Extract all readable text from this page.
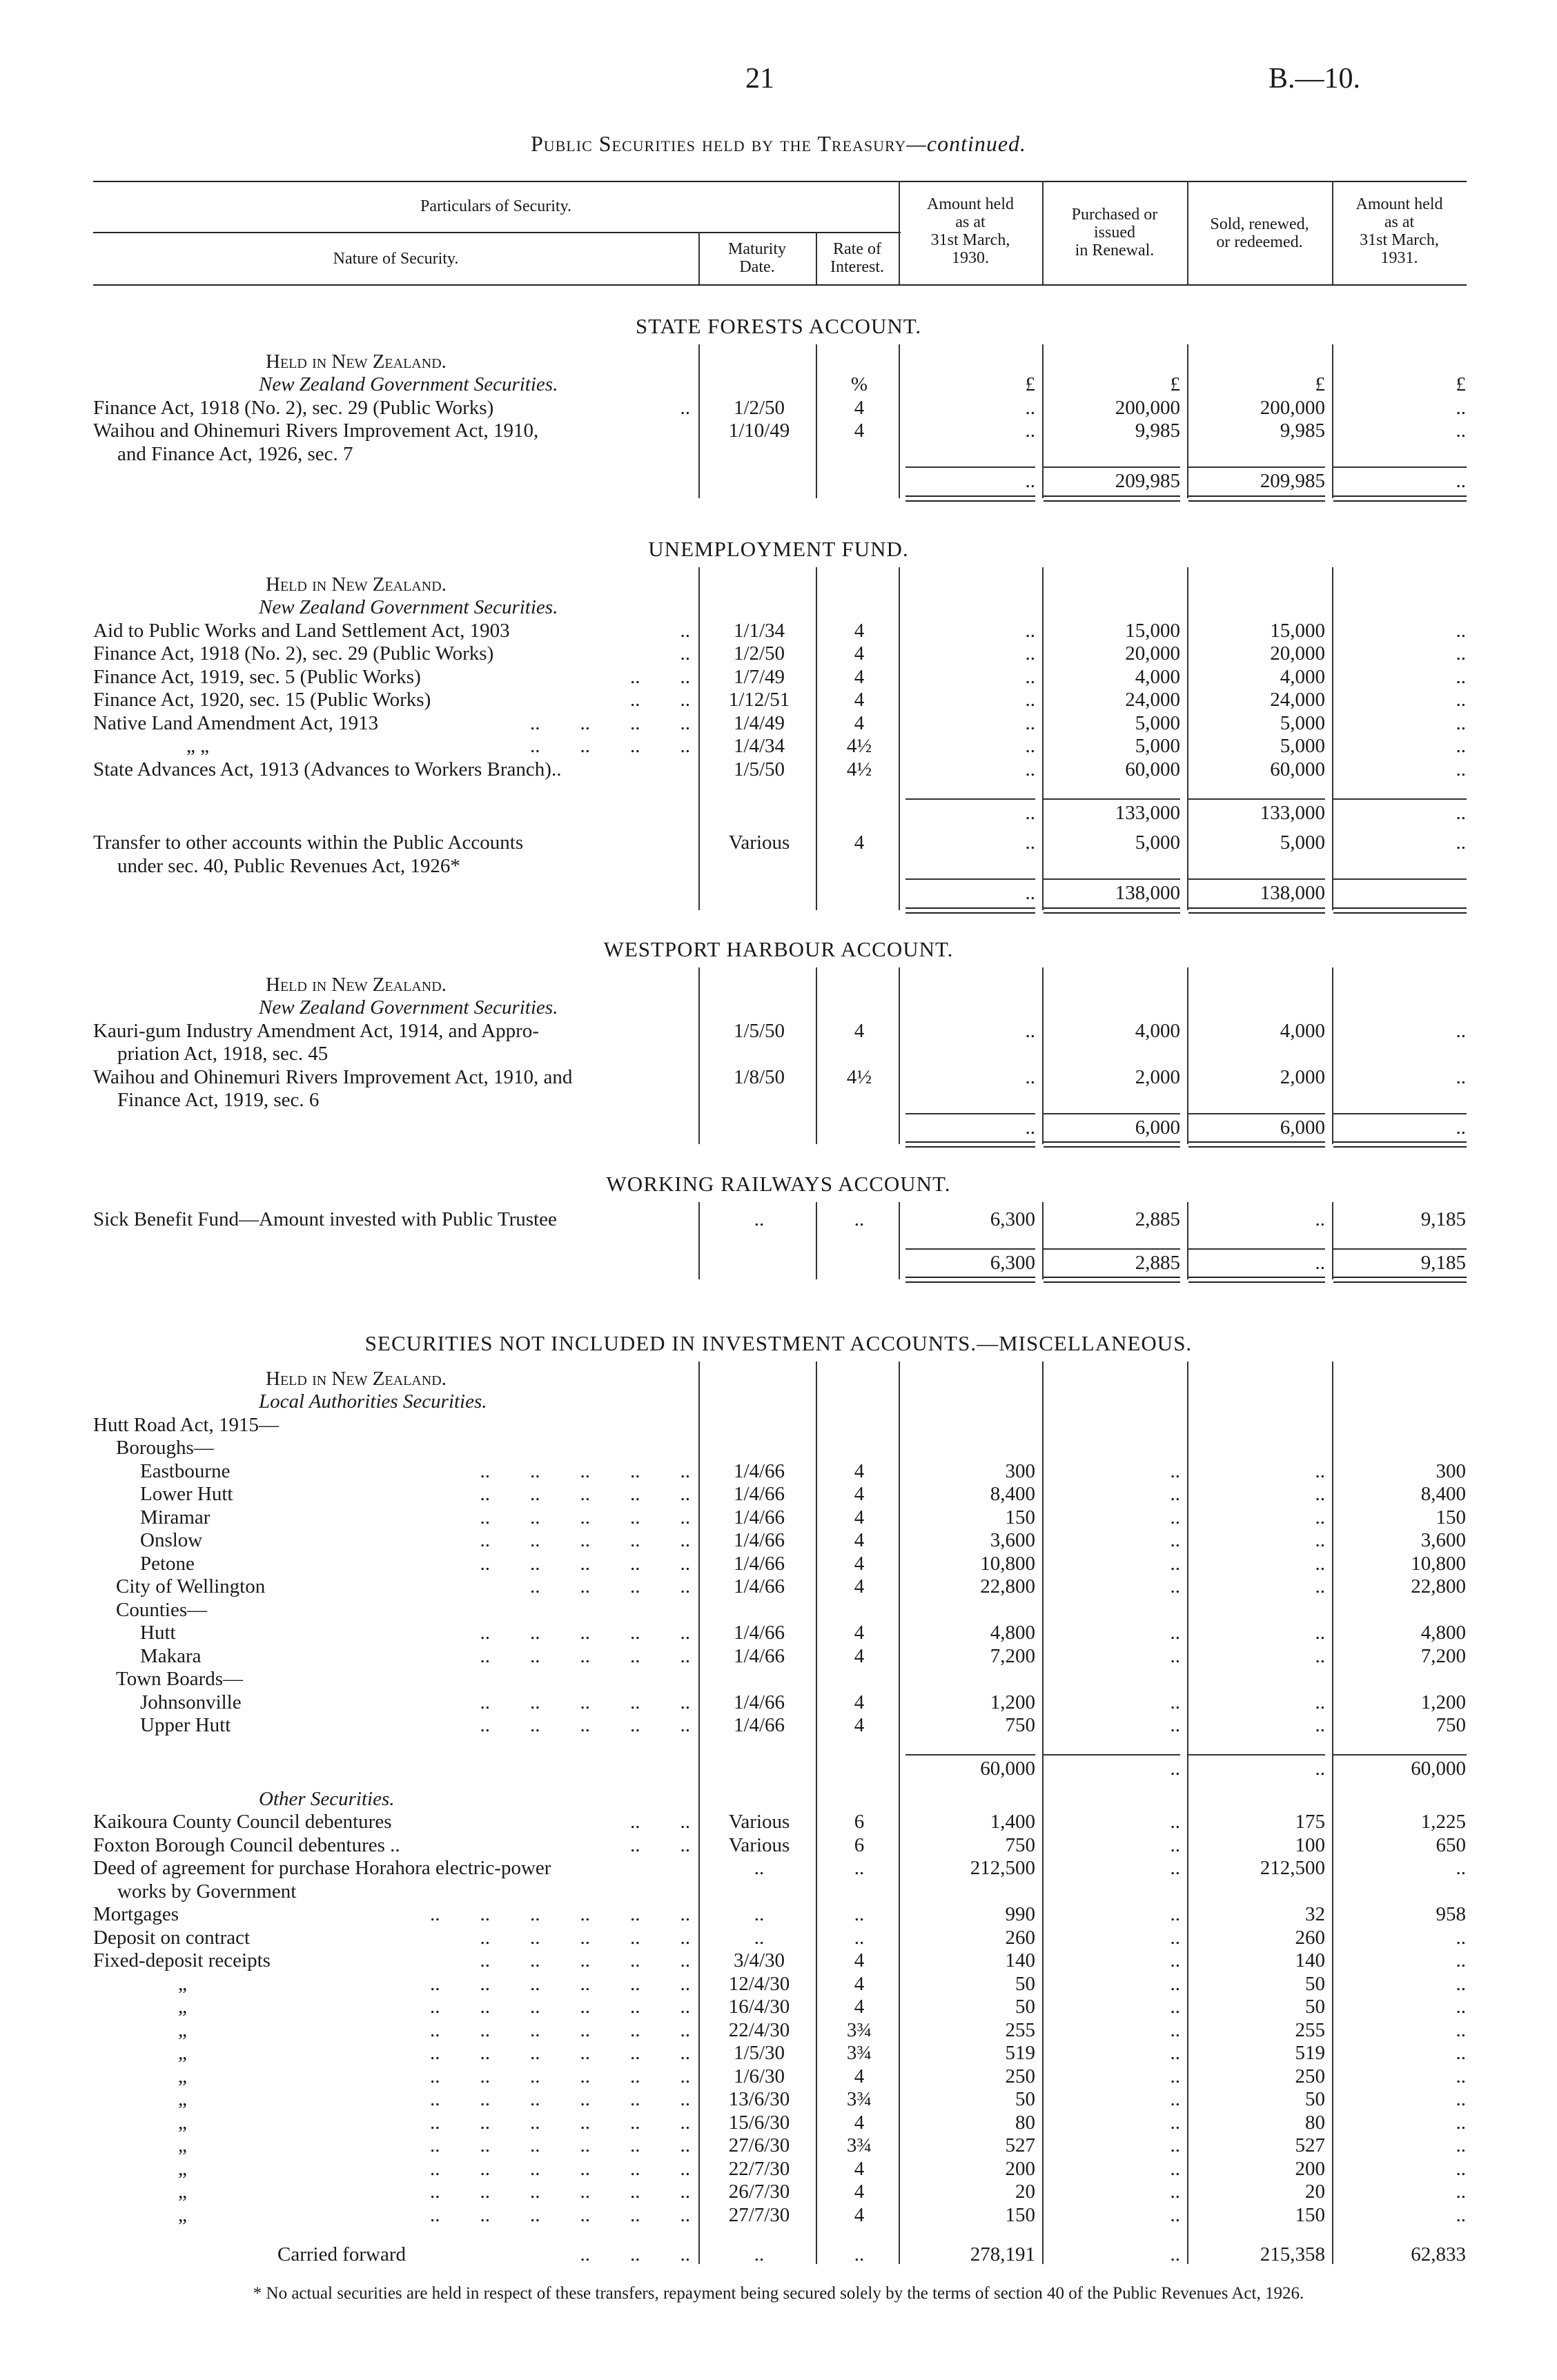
21	B.—10.
Public Securities held by the Treasury—continued.
Particulars of Security.
Nature of Security.
Maturity
Date.
Rate of
Interest.
Amount held
as at
31st March,
1930.
Purchased or
issued
in Renewal.
Sold, renewed,
or redeemed.
Amount held
as at
31st March,
1931.
STATE FORESTS ACCOUNT.
Held in New Zealand.
New Zealand Government Securities.	%	£	£	£	£
Finance Act, 1918 (No. 2), sec. 29 (Public Works)	..	1/2/50	4	..	200,000	200,000	..
Waihou and Ohinemuri Rivers Improvement Act, 1910,	1/10/49	4	..	9,985	9,985	..
and Finance Act, 1926, sec. 7
..	209,985	209,985	..
UNEMPLOYMENT FUND.
Held in New Zealand.
New Zealand Government Securities.
Aid to Public Works and Land Settlement Act, 1903	..	1/1/34	4	..	15,000	15,000	..
Finance Act, 1918 (No. 2), sec. 29 (Public Works)	..	1/2/50	4	..	20,000	20,000	..
Finance Act, 1919, sec. 5 (Public Works)	..        ..	1/7/49	4	..	4,000	4,000	..
Finance Act, 1920, sec. 15 (Public Works)	..        ..	1/12/51	4	..	24,000	24,000	..
Native Land Amendment Act, 1913	..        ..        ..        ..	1/4/49	4	..	5,000	5,000	..
„ „	..        ..        ..        ..	1/4/34	4½	..	5,000	5,000	..
State Advances Act, 1913 (Advances to Workers Branch)..	1/5/50	4½	..	60,000	60,000	..
..	133,000	133,000	..
Transfer to other accounts within the Public Accounts	Various	4	..	5,000	5,000	..
under sec. 40, Public Revenues Act, 1926*
..	138,000	138,000
WESTPORT HARBOUR ACCOUNT.
Held in New Zealand.
New Zealand Government Securities.
Kauri-gum Industry Amendment Act, 1914, and Appro-	1/5/50	4	..	4,000	4,000	..
priation Act, 1918, sec. 45
Waihou and Ohinemuri Rivers Improvement Act, 1910, and	1/8/50	4½	..	2,000	2,000	..
Finance Act, 1919, sec. 6
..	6,000	6,000	..
WORKING RAILWAYS ACCOUNT.
Sick Benefit Fund—Amount invested with Public Trustee	..	..	6,300	2,885	..	9,185
6,300	2,885	..	9,185
SECURITIES NOT INCLUDED IN INVESTMENT ACCOUNTS.—MISCELLANEOUS.
Held in New Zealand.
Local Authorities Securities.
Hutt Road Act, 1915—
Boroughs—
Eastbourne	..        ..        ..        ..        ..	1/4/66	4	300	..	..	300
Lower Hutt	..        ..        ..        ..        ..	1/4/66	4	8,400	..	..	8,400
Miramar	..        ..        ..        ..        ..	1/4/66	4	150	..	..	150
Onslow	..        ..        ..        ..        ..	1/4/66	4	3,600	..	..	3,600
Petone	..        ..        ..        ..        ..	1/4/66	4	10,800	..	..	10,800
City of Wellington	..        ..        ..        ..	1/4/66	4	22,800	..	..	22,800
Counties—
Hutt	..        ..        ..        ..        ..	1/4/66	4	4,800	..	..	4,800
Makara	..        ..        ..        ..        ..	1/4/66	4	7,200	..	..	7,200
Town Boards—
Johnsonville	..        ..        ..        ..        ..	1/4/66	4	1,200	..	..	1,200
Upper Hutt	..        ..        ..        ..        ..	1/4/66	4	750	..	..	750
60,000	..	..	60,000
Other Securities.
Kaikoura County Council debentures	..        ..	Various	6	1,400	..	175	1,225
Foxton Borough Council debentures ..	..        ..	Various	6	750	..	100	650
Deed of agreement for purchase Horahora electric-power	..	..	212,500	..	212,500	..
works by Government
Mortgages	..        ..        ..        ..        ..        ..	..	..	990	..	32	958
Deposit on contract	..        ..        ..        ..        ..	..	..	260	..	260	..
Fixed-deposit receipts	..        ..        ..        ..        ..	3/4/30	4	140	..	140	..
„	..        ..        ..        ..        ..        ..	12/4/30	4	50	..	50	..
„	..        ..        ..        ..        ..        ..	16/4/30	4	50	..	50	..
„	..        ..        ..        ..        ..        ..	22/4/30	3¾	255	..	255	..
„	..        ..        ..        ..        ..        ..	1/5/30	3¾	519	..	519	..
„	..        ..        ..        ..        ..        ..	1/6/30	4	250	..	250	..
„	..        ..        ..        ..        ..        ..	13/6/30	3¾	50	..	50	..
„	..        ..        ..        ..        ..        ..	15/6/30	4	80	..	80	..
„	..        ..        ..        ..        ..        ..	27/6/30	3¾	527	..	527	..
„	..        ..        ..        ..        ..        ..	22/7/30	4	200	..	200	..
„	..        ..        ..        ..        ..        ..	26/7/30	4	20	..	20	..
„	..        ..        ..        ..        ..        ..	27/7/30	4	150	..	150	..
Carried forward	..        ..        ..	..	..	278,191	..	215,358	62,833
* No actual securities are held in respect of these transfers, repayment being secured solely by the terms of section 40 of the Public Revenues Act, 1926.
